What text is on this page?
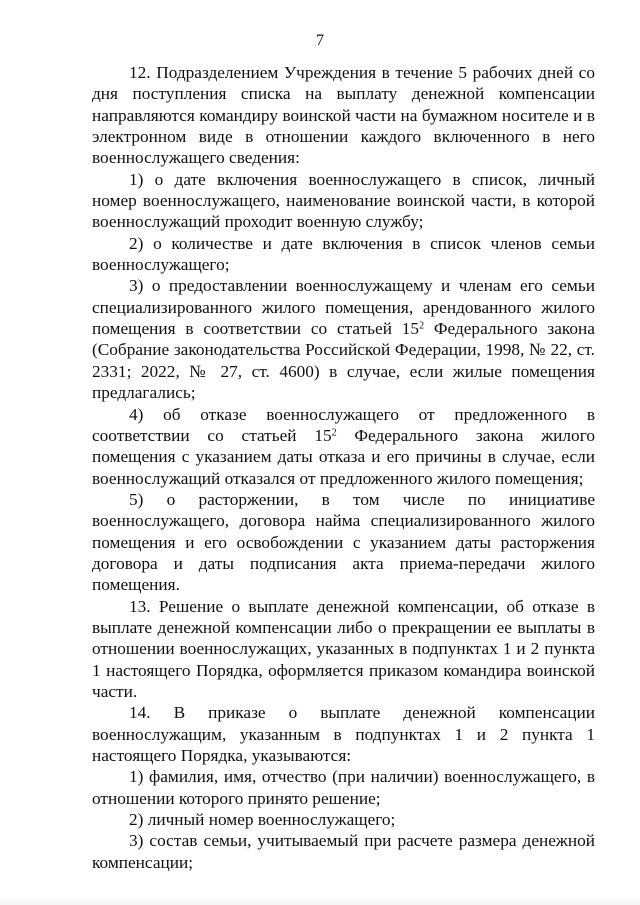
7

12. Подразделением Учреждения в течение 5 рабочих дней со дня поступления списка на выплату денежной компенсации направляются командиру воинской части на бумажном носителе и в электронном виде в отношении каждого включенного в него военнослужащего сведения:

1) о дате включения военнослужащего в список, личный номер военнослужащего, наименование воинской части, в которой военнослужащий проходит военную службу;

2) о количестве и дате включения в список членов семьи военнослужащего;

3) о предоставлении военнослужащему и членам его семьи специализированного жилого помещения, арендованного жилого помещения в соответствии со статьей $15^2$ Федерального закона (Собрание законодательства Российской Федерации, 1998, № 22, ст. 2331; 2022, № 27, ст. 4600) в случае, если жилые помещения предлагались;

4) об отказе военнослужащего от предложенного в соответствии со статьей $15^2$ Федерального закона жилого помещения с указанием даты отказа и его причины в случае, если военнослужащий отказался от предложенного жилого помещения;

5) о расторжении, в том числе по инициативе военнослужащего, договора найма специализированного жилого помещения и его освобождении с указанием даты расторжения договора и даты подписания акта приема-передачи жилого помещения.

13. Решение о выплате денежной компенсации, об отказе в выплате денежной компенсации либо о прекращении ее выплаты в отношении военнослужащих, указанных в подпунктах 1 и 2 пункта 1 настоящего Порядка, оформляется приказом командира воинской части.

14. В приказе о выплате денежной компенсации военнослужащим, указанным в подпунктах 1 и 2 пункта 1 настоящего Порядка, указываются:

1) фамилия, имя, отчество (при наличии) военнослужащего, в отношении которого принято решение;

2) личный номер военнослужащего;

3) состав семьи, учитываемый при расчете размера денежной компенсации;
